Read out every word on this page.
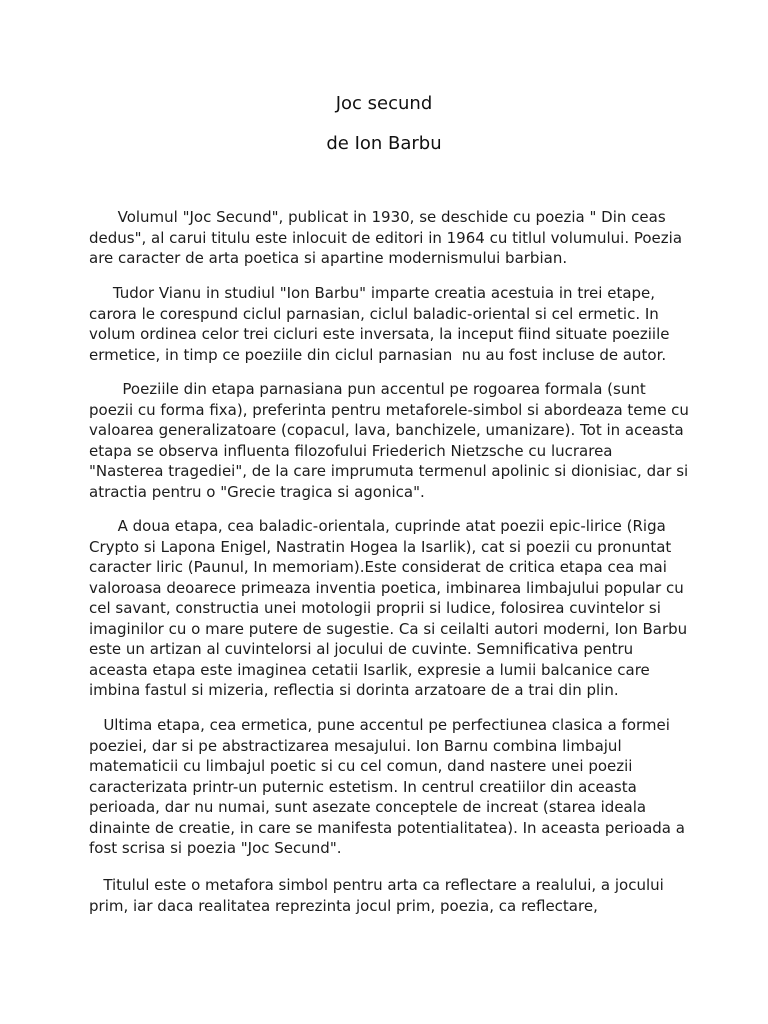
Joc secund
de Ion Barbu

Volumul "Joc Secund", publicat in 1930, se deschide cu poezia " Din ceas dedus", al carui titulu este inlocuit de editori in 1964 cu titlul volumului. Poezia are caracter de arta poetica si apartine modernismului barbian.

Tudor Vianu in studiul "Ion Barbu" imparte creatia acestuia in trei etape, carora le corespund ciclul parnasian, ciclul baladic-oriental si cel ermetic. In volum ordinea celor trei cicluri este inversata, la inceput fiind situate poeziile ermetice, in timp ce poeziile din ciclul parnasian  nu au fost incluse de autor.

Poeziile din etapa parnasiana pun accentul pe rogoarea formala (sunt poezii cu forma fixa), preferinta pentru metaforele-simbol si abordeaza teme cu valoarea generalizatoare (copacul, lava, banchizele, umanizare). Tot in aceasta etapa se observa influenta filozofului Friederich Nietzsche cu lucrarea "Nasterea tragediei", de la care imprumuta termenul apolinic si dionisiac, dar si atractia pentru o "Grecie tragica si agonica".

A doua etapa, cea baladic-orientala, cuprinde atat poezii epic-lirice (Riga Crypto si Lapona Enigel, Nastratin Hogea la Isarlik), cat si poezii cu pronuntat caracter liric (Paunul, In memoriam).Este considerat de critica etapa cea mai valoroasa deoarece primeaza inventia poetica, imbinarea limbajului popular cu cel savant, constructia unei motologii proprii si ludice, folosirea cuvintelor si imaginilor cu o mare putere de sugestie. Ca si ceilalti autori moderni, Ion Barbu este un artizan al cuvintelorsi al jocului de cuvinte. Semnificativa pentru aceasta etapa este imaginea cetatii Isarlik, expresie a lumii balcanice care imbina fastul si mizeria, reflectia si dorinta arzatoare de a trai din plin.

Ultima etapa, cea ermetica, pune accentul pe perfectiunea clasica a formei poeziei, dar si pe abstractizarea mesajului. Ion Barnu combina limbajul matematicii cu limbajul poetic si cu cel comun, dand nastere unei poezii caracterizata printr-un puternic estetism. In centrul creatiilor din aceasta perioada, dar nu numai, sunt asezate conceptele de increat (starea ideala dinainte de creatie, in care se manifesta potentialitatea). In aceasta perioada a fost scrisa si poezia "Joc Secund".

Titulul este o metafora simbol pentru arta ca reflectare a realului, a jocului prim, iar daca realitatea reprezinta jocul prim, poezia, ca reflectare,
